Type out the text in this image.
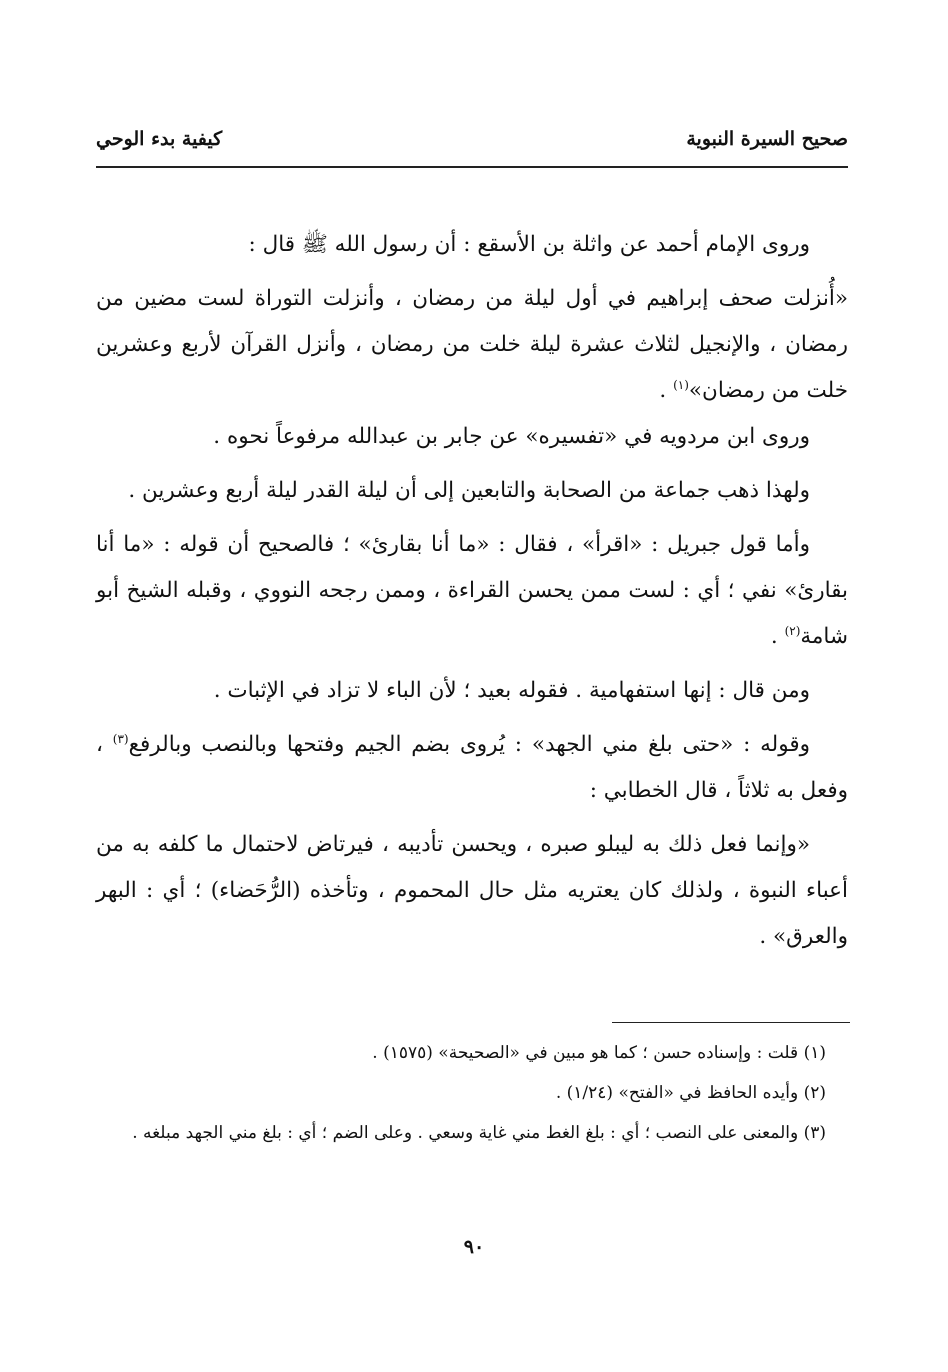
صحيح السيرة النبوية
كيفية بدء الوحي

وروى الإمام أحمد عن واثلة بن الأسقع : أن رسول الله ﷺ قال :

«أُنزلت صحف إبراهيم في أول ليلة من رمضان ، وأنزلت التوراة لست مضين من رمضان ، والإنجيل لثلاث عشرة ليلة خلت من رمضان ، وأنزل القرآن لأربع وعشرين خلت من رمضان»$^{(١)}$ .

وروى ابن مردويه في «تفسيره» عن جابر بن عبدالله مرفوعاً نحوه .

ولهذا ذهب جماعة من الصحابة والتابعين إلى أن ليلة القدر ليلة أربع وعشرين .

وأما قول جبريل : «اقرأ» ، فقال : «ما أنا بقارئ» ؛ فالصحيح أن قوله : «ما أنا بقارئ» نفي ؛ أي : لست ممن يحسن القراءة ، وممن رجحه النووي ، وقبله الشيخ أبو شامة$^{(٢)}$ .

ومن قال : إنها استفهامية . فقوله بعيد ؛ لأن الباء لا تزاد في الإثبات .

وقوله : «حتى بلغ مني الجهد» : يُروى بضم الجيم وفتحها وبالنصب وبالرفع$^{(٣)}$ ، وفعل به ثلاثاً ، قال الخطابي :

«وإنما فعل ذلك به ليبلو صبره ، ويحسن تأديبه ، فيرتاض لاحتمال ما كلفه به من أعباء النبوة ، ولذلك كان يعتريه مثل حال المحموم ، وتأخذه (الرُّحَضاء) ؛ أي : البهر والعرق» .

(١) قلت : وإسناده حسن ؛ كما هو مبين في «الصحيحة» (١٥٧٥) .

(٢) وأيده الحافظ في «الفتح» (١/٢٤) .

(٣) والمعنى على النصب ؛ أي : بلغ الغط مني غاية وسعي . وعلى الضم ؛ أي : بلغ مني الجهد مبلغه .

٩٠
